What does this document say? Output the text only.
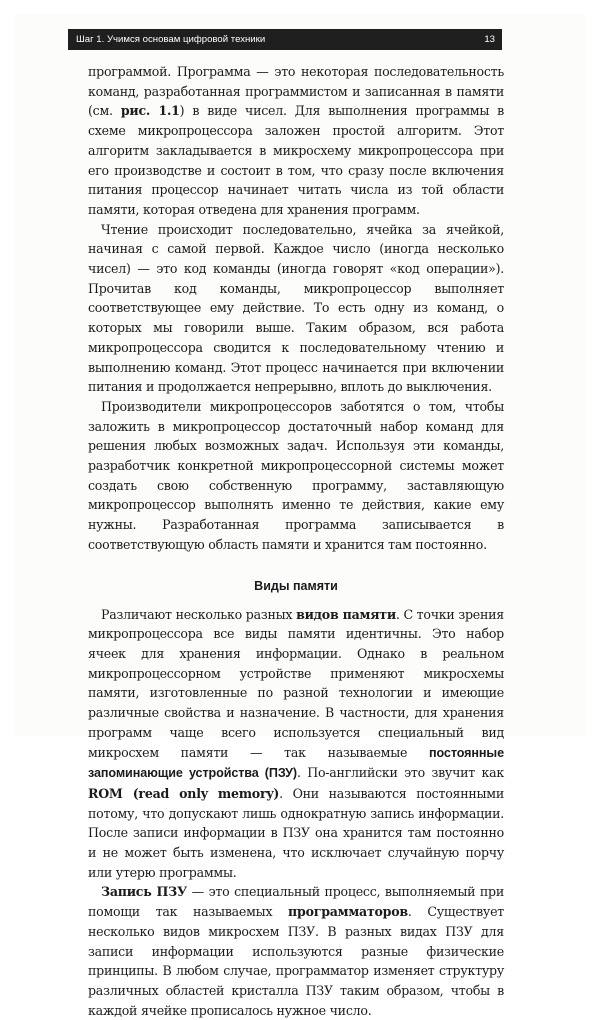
Шаг 1. Учимся основам цифровой техники	13

программой. Программа — это некоторая последовательность команд, разработанная программистом и записанная в памяти (см. рис. 1.1) в виде чисел. Для выполнения программы в схеме микропроцессора заложен простой алгоритм. Этот алгоритм закладывается в микросхему микропроцессора при его производстве и состоит в том, что сразу после включения питания процессор начинает читать числа из той области памяти, которая отведена для хранения программ.

Чтение происходит последовательно, ячейка за ячейкой, начиная с самой первой. Каждое число (иногда несколько чисел) — это код команды (иногда говорят «код операции»). Прочитав код команды, микропроцессор выполняет соответствующее ему действие. То есть одну из команд, о которых мы говорили выше. Таким образом, вся работа микропроцессора сводится к последовательному чтению и выполнению команд. Этот процесс начинается при включении питания и продолжается непрерывно, вплоть до выключения.

Производители микропроцессоров заботятся о том, чтобы заложить в микропроцессор достаточный набор команд для решения любых возможных задач. Используя эти команды, разработчик конкретной микропроцессорной системы может создать свою собственную программу, заставляющую микропроцессор выполнять именно те действия, какие ему нужны. Разработанная программа записывается в соответствующую область памяти и хранится там постоянно.

Виды памяти

Различают несколько разных видов памяти. С точки зрения микропроцессора все виды памяти идентичны. Это набор ячеек для хранения информации. Однако в реальном микропроцессорном устройстве применяют микросхемы памяти, изготовленные по разной технологии и имеющие различные свойства и назначение. В частности, для хранения программ чаще всего используется специальный вид микросхем памяти — так называемые постоянные запоминающие устройства (ПЗУ). По-английски это звучит как ROM (read only memory). Они называются постоянными потому, что допускают лишь однократную запись информации. После записи информации в ПЗУ она хранится там постоянно и не может быть изменена, что исключает случайную порчу или утерю программы.

Запись ПЗУ — это специальный процесс, выполняемый при помощи так называемых программаторов. Существует несколько видов микросхем ПЗУ. В разных видах ПЗУ для записи информации используются разные физические принципы. В любом случае, программатор изменяет структуру различных областей кристалла ПЗУ таким образом, чтобы в каждой ячейке прописалось нужное число.
